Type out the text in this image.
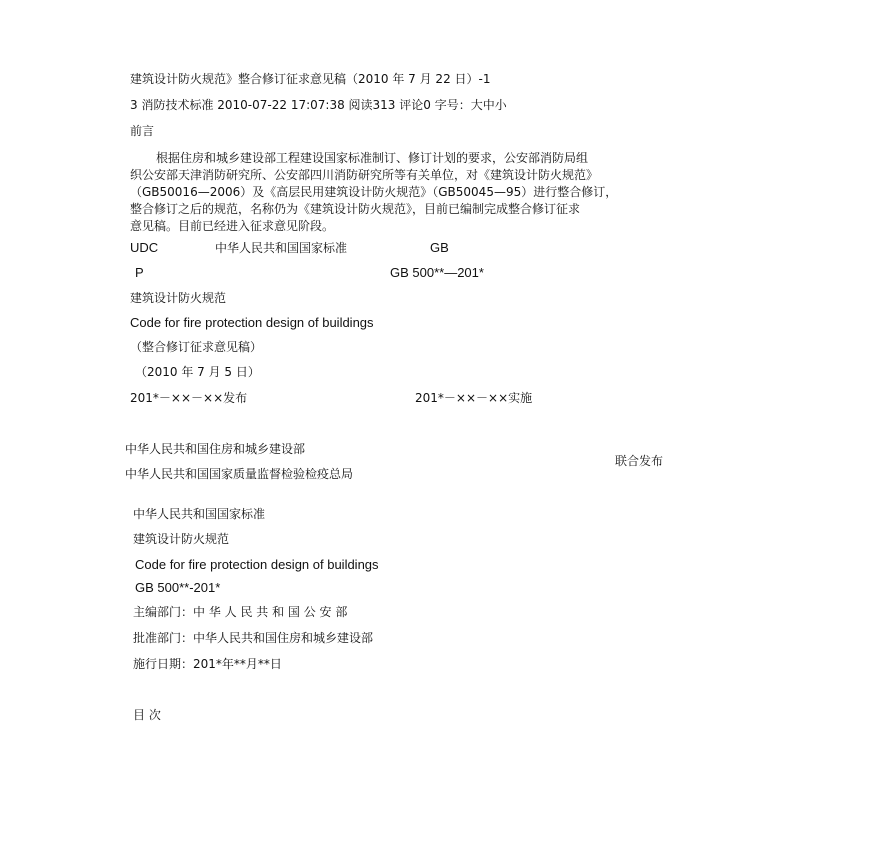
建筑设计防火规范》整合修订征求意见稿（2010 年 7 月 22 日）-1
3 消防技术标准 2010-07-22 17:07:38 阅读313 评论0 字号：大中小
前言
根据住房和城乡建设部工程建设国家标准制订、修订计划的要求，公安部消防局组
织公安部天津消防研究所、公安部四川消防研究所等有关单位，对《建筑设计防火规范》
（GB50016—2006）及《高层民用建筑设计防火规范》（GB50045—95）进行整合修订，
整合修订之后的规范，名称仍为《建筑设计防火规范》，目前已编制完成整合修订征求
意见稿。目前已经进入征求意见阶段。
UDC	中华人民共和国国家标准	GB
P	GB 500**—201*
建筑设计防火规范
Code for fire protection design of buildings
（整合修订征求意见稿）
（2010 年 7 月 5 日）
201*－××－××发布	201*－××－××实施
中华人民共和国住房和城乡建设部
联合发布
中华人民共和国国家质量监督检验检疫总局
中华人民共和国国家标准
建筑设计防火规范
Code for fire protection design of buildings
GB 500**-201*
主编部门：中 华 人 民 共 和 国 公 安 部
批准部门：中华人民共和国住房和城乡建设部
施行日期：201*年**月**日
目 次
